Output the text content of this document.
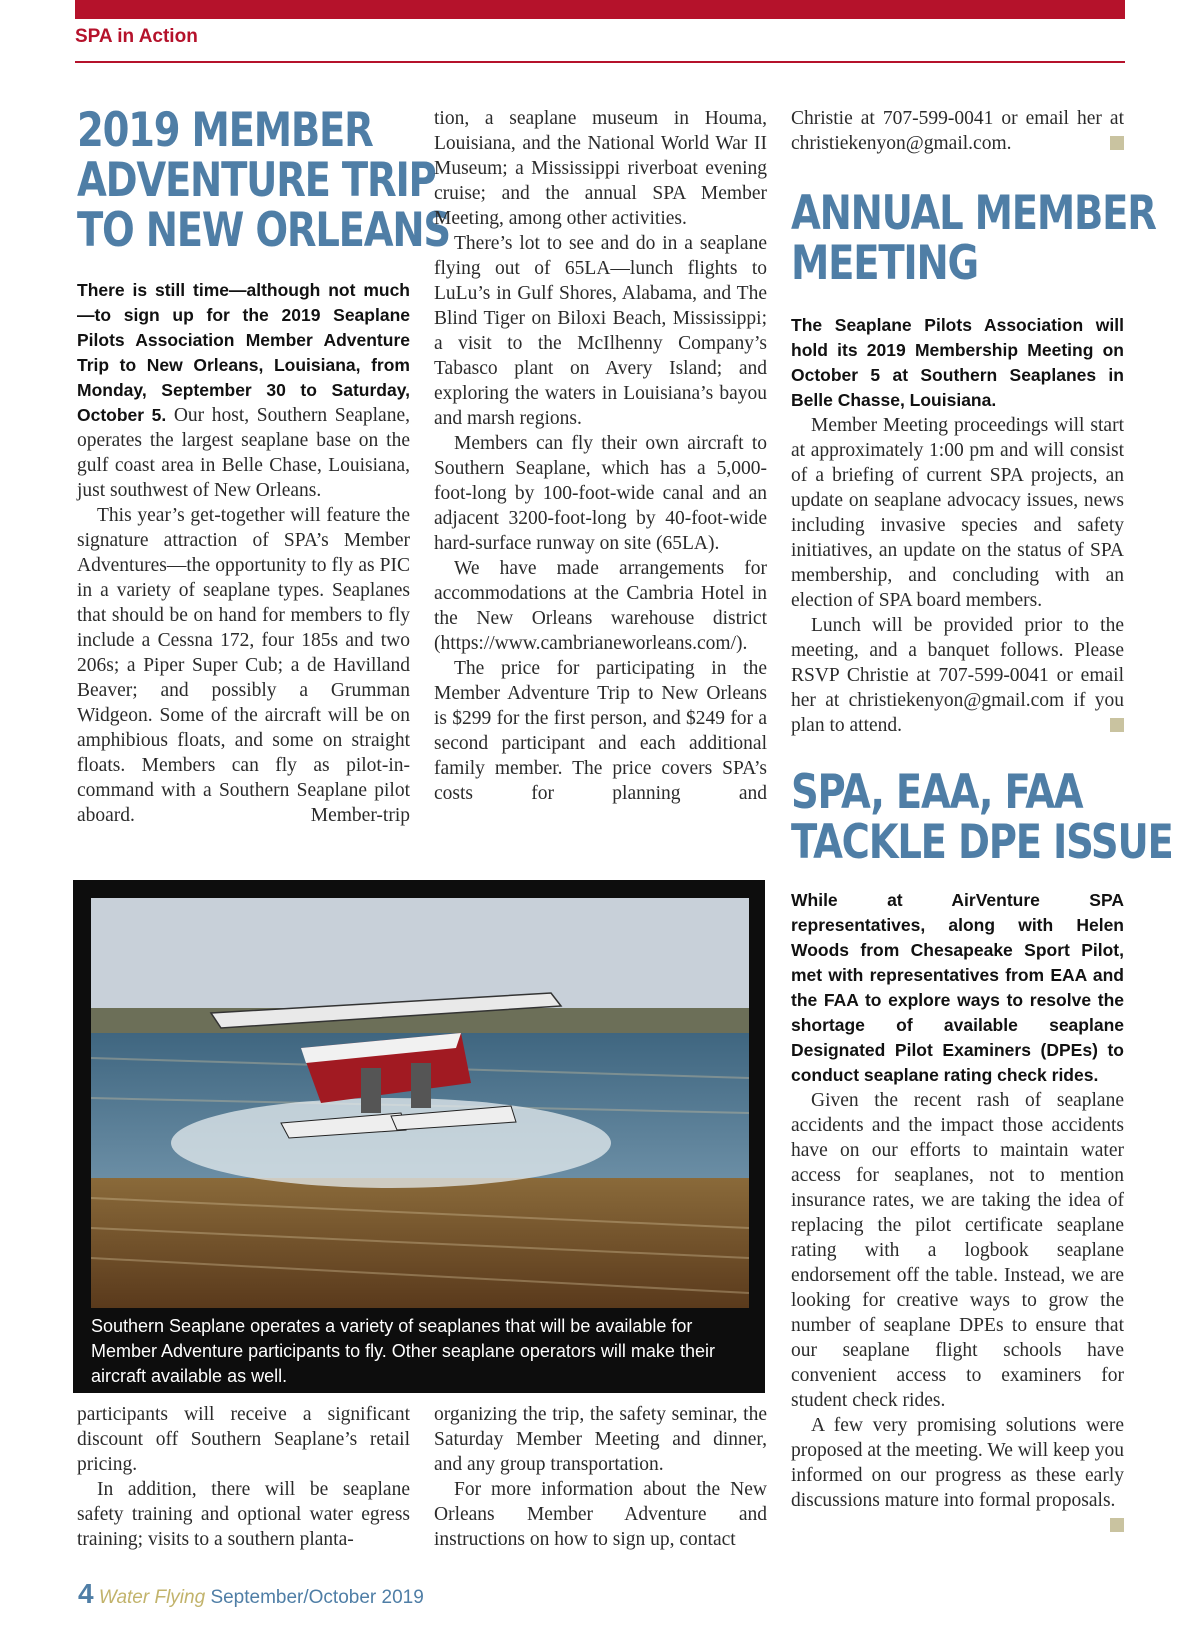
SPA in Action
2019 MEMBER
ADVENTURE TRIP
TO NEW ORLEANS

There is still time—although not much—to sign up for the 2019 Seaplane Pilots Association Member Adventure Trip to New Orleans, Louisiana, from Monday, September 30 to Saturday, October 5. Our host, Southern Seaplane, operates the largest seaplane base on the gulf coast area in Belle Chase, Louisiana, just southwest of New Orleans.

This year’s get-together will feature the signature attraction of SPA’s Member Adventures—the opportunity to fly as PIC in a variety of seaplane types. Seaplanes that should be on hand for members to fly include a Cessna 172, four 185s and two 206s; a Piper Super Cub; a de Havilland Beaver; and possibly a Grumman Widgeon. Some of the aircraft will be on amphibious floats, and some on straight floats. Members can fly as pilot-in-command with a Southern Seaplane pilot aboard. Member-trip

tion, a seaplane museum in Houma, Louisiana, and the National World War II Museum; a Mississippi riverboat evening cruise; and the annual SPA Member Meeting, among other activities.

There’s lot to see and do in a seaplane flying out of 65LA—lunch flights to LuLu’s in Gulf Shores, Alabama, and The Blind Tiger on Biloxi Beach, Mississippi; a visit to the McIlhenny Company’s Tabasco plant on Avery Island; and exploring the waters in Louisiana’s bayou and marsh regions.

Members can fly their own aircraft to Southern Seaplane, which has a 5,000-foot-long by 100-foot-wide canal and an adjacent 3200-foot-long by 40-foot-wide hard-surface runway on site (65LA).

We have made arrangements for accommodations at the Cambria Hotel in the New Orleans warehouse district (https://www.cambrianeworleans.com/).

The price for participating in the Member Adventure Trip to New Orleans is $299 for the first person, and $249 for a second participant and each additional family member. The price covers SPA’s costs for planning and

Southern Seaplane operates a variety of seaplanes that will be available for Member Adventure participants to fly. Other seaplane operators will make their aircraft available as well.

participants will receive a significant discount off Southern Seaplane’s retail pricing.

In addition, there will be seaplane safety training and optional water egress training; visits to a southern planta-

organizing the trip, the safety seminar, the Saturday Member Meeting and dinner, and any group transportation.

For more information about the New Orleans Member Adventure and instructions on how to sign up, contact

Christie at 707-599-0041 or email her at christiekenyon@gmail.com.

ANNUAL MEMBER
MEETING

The Seaplane Pilots Association will hold its 2019 Membership Meeting on October 5 at Southern Seaplanes in Belle Chasse, Louisiana.

Member Meeting proceedings will start at approximately 1:00 pm and will consist of a briefing of current SPA projects, an update on seaplane advocacy issues, news including invasive species and safety initiatives, an update on the status of SPA membership, and concluding with an election of SPA board members.

Lunch will be provided prior to the meeting, and a banquet follows. Please RSVP Christie at 707-599-0041 or email her at christiekenyon@gmail.com if you plan to attend.

SPA, EAA, FAA
TACKLE DPE ISSUE

While at AirVenture SPA representatives, along with Helen Woods from Chesapeake Sport Pilot, met with representatives from EAA and the FAA to explore ways to resolve the shortage of available seaplane Designated Pilot Examiners (DPEs) to conduct seaplane rating check rides.

Given the recent rash of seaplane accidents and the impact those accidents have on our efforts to maintain water access for seaplanes, not to mention insurance rates, we are taking the idea of replacing the pilot certificate seaplane rating with a logbook seaplane endorsement off the table. Instead, we are looking for creative ways to grow the number of seaplane DPEs to ensure that our seaplane flight schools have convenient access to examiners for student check rides.

A few very promising solutions were proposed at the meeting. We will keep you informed on our progress as these early discussions mature into formal proposals.

4 Water Flying September/October 2019
